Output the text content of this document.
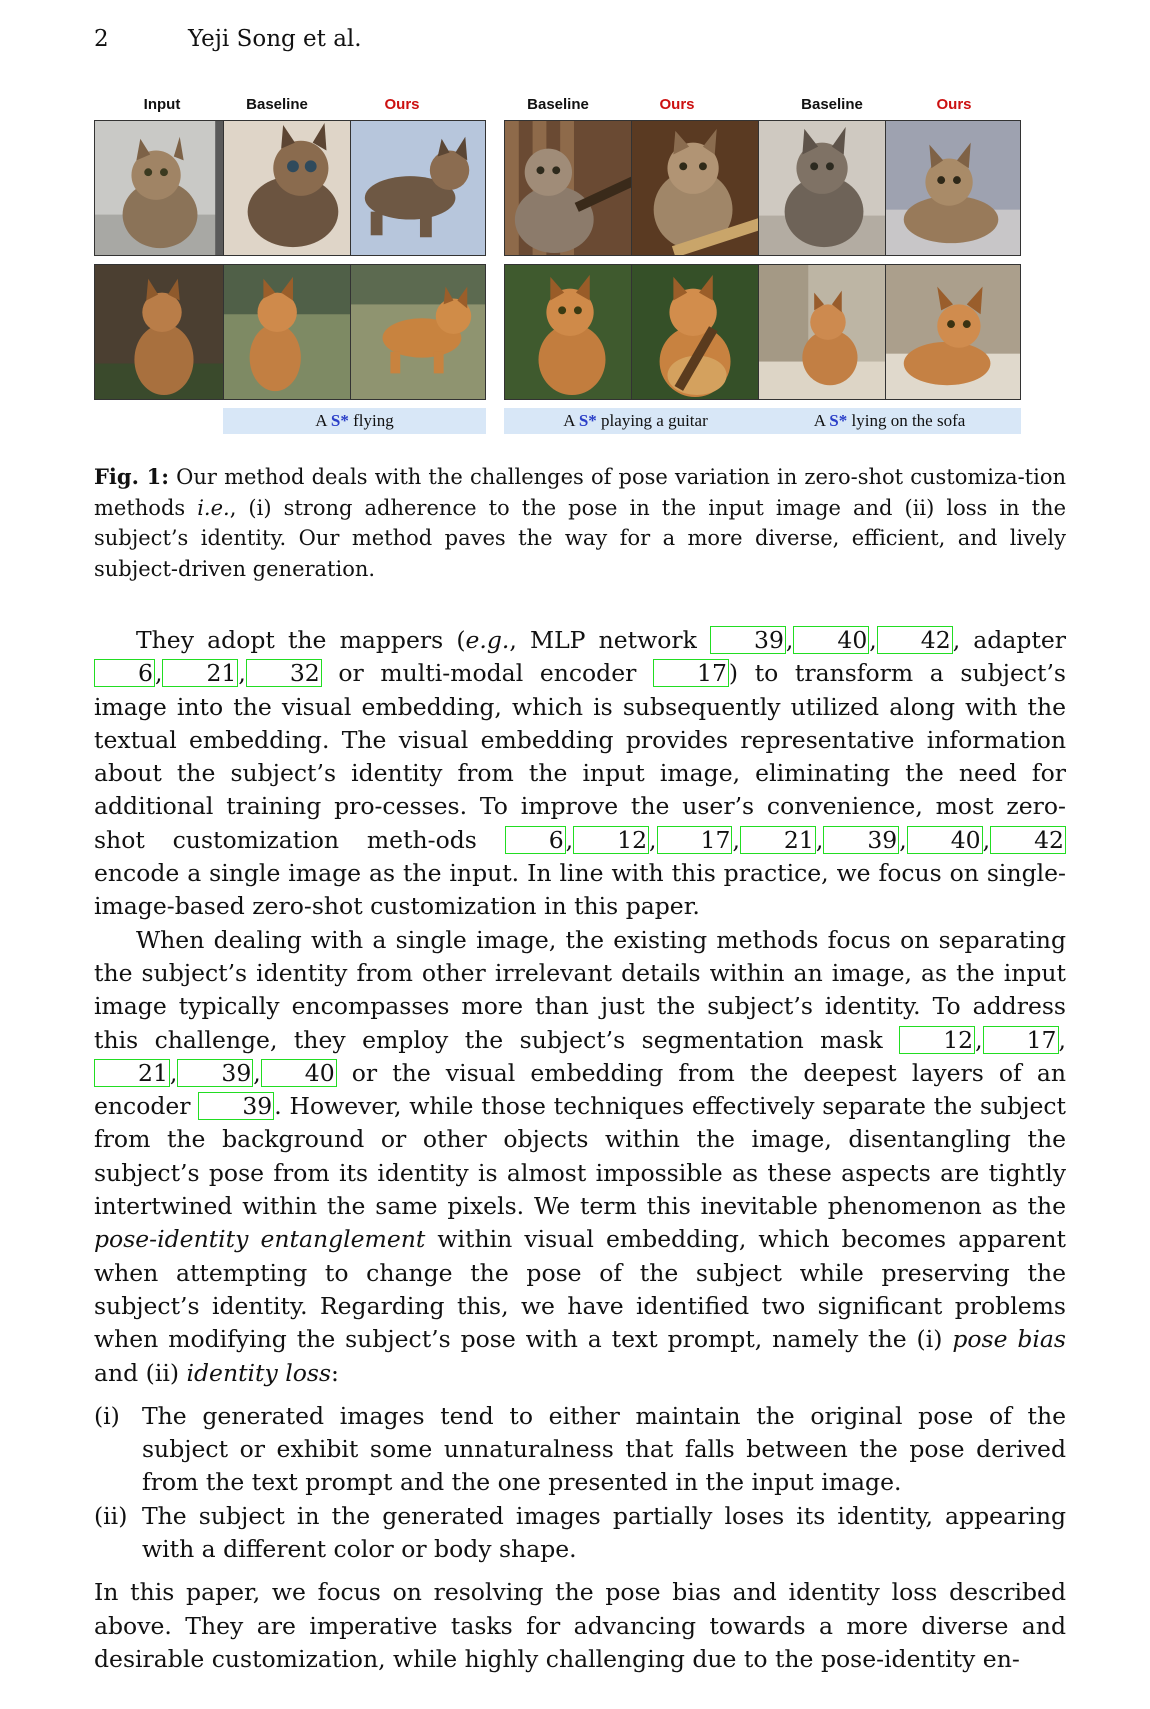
2	Yeji Song et al.
Input	Baseline	Ours	Baseline	Ours	Baseline	Ours
A S* flying	A S* playing a guitar	A S* lying on the sofa
Fig. 1: Our method deals with the challenges of pose variation in zero-shot customiza-tion methods i.e., (i) strong adherence to the pose in the input image and (ii) loss in the subject’s identity. Our method paves the way for a more diverse, efficient, and lively subject-driven generation.

They adopt the mappers (e.g., MLP network 39, 40, 42, adapter 6, 21, 32 or multi-modal encoder 17) to transform a subject’s image into the visual embedding, which is subsequently utilized along with the textual embedding. The visual embedding provides representative information about the subject’s identity from the input image, eliminating the need for additional training pro-cesses. To improve the user’s convenience, most zero-shot customization meth-ods 6, 12, 17, 21, 39, 40, 42 encode a single image as the input. In line with this practice, we focus on single-image-based zero-shot customization in this paper.

When dealing with a single image, the existing methods focus on separating the subject’s identity from other irrelevant details within an image, as the input image typically encompasses more than just the subject’s identity. To address this challenge, they employ the subject’s segmentation mask 12, 17,21, 39, 40 or the visual embedding from the deepest layers of an encoder 39. However, while those techniques effectively separate the subject from the background or other objects within the image, disentangling the subject’s pose from its identity is almost impossible as these aspects are tightly intertwined within the same pixels. We term this inevitable phenomenon as the pose-identity entanglement within visual embedding, which becomes apparent when attempting to change the pose of the subject while preserving the subject’s identity. Regarding this, we have identified two significant problems when modifying the subject’s pose with a text prompt, namely the (i) pose bias and (ii) identity loss:

(i) The generated images tend to either maintain the original pose of the subject or exhibit some unnaturalness that falls between the pose derived from the text prompt and the one presented in the input image.
(ii) The subject in the generated images partially loses its identity, appearing with a different color or body shape.

In this paper, we focus on resolving the pose bias and identity loss described above. They are imperative tasks for advancing towards a more diverse and desirable customization, while highly challenging due to the pose-identity en-
